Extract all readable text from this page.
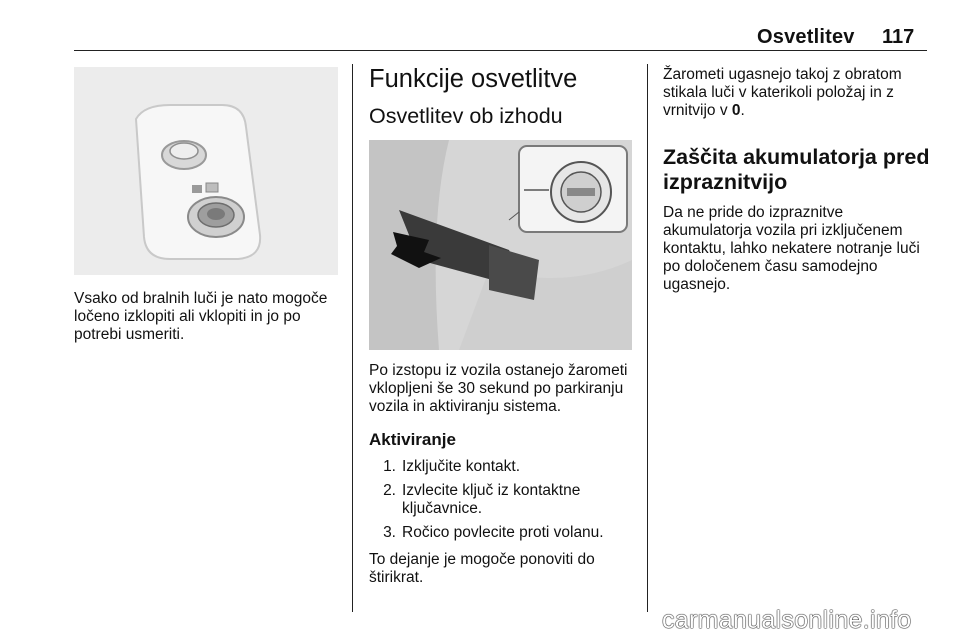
Osvetlitev 117
Vsako od bralnih luči je nato mogoče ločeno izklopiti ali vklopiti in jo po potrebi usmeriti.
Funkcije osvetlitve
Osvetlitev ob izhodu
Po izstopu iz vozila ostanejo žarometi vklopljeni še 30 sekund po parkiranju vozila in aktiviranju sistema.
Aktiviranje
1. Izključite kontakt.
2. Izvlecite ključ iz kontaktne ključavnice.
3. Ročico povlecite proti volanu.
To dejanje je mogoče ponoviti do štirikrat.
Žarometi ugasnejo takoj z obratom stikala luči v katerikoli položaj in z vrnitvijo v 0.
Zaščita akumulatorja pred izpraznitvijo
Da ne pride do izpraznitve akumulatorja vozila pri izključenem kontaktu, lahko nekatere notranje luči po določenem času samodejno ugasnejo.
carmanualsonline.info
